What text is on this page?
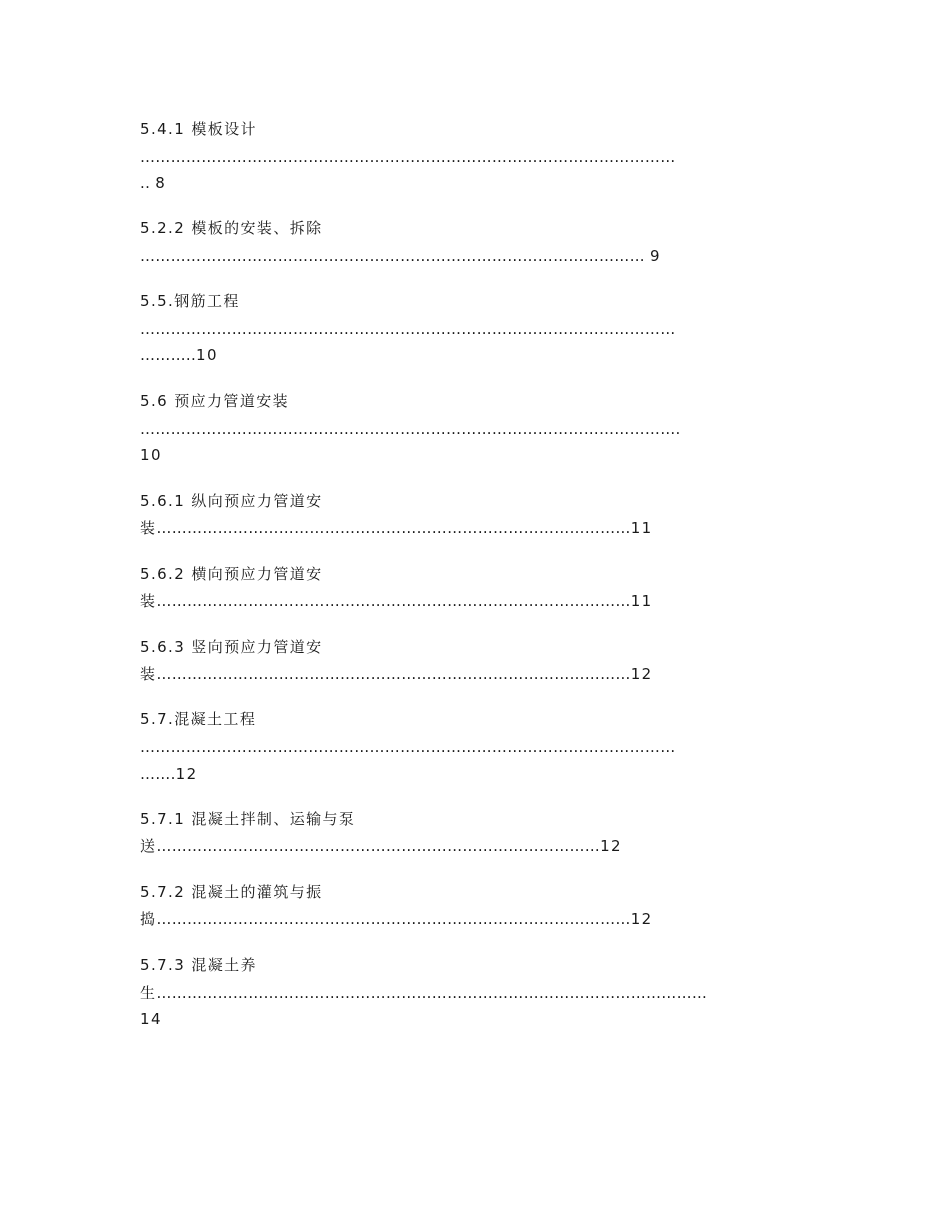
5.4.1 模板设计
……………………………………………………………………………………………
.. 8
5.2.2 模板的安装、拆除
……………………………………………………………………………………… 9
5.5.钢筋工程
……………………………………………………………………………………………
………..10
5.6 预应力管道安装
…………………………………………………………………………………………….
10
5.6.1 纵向预应力管道安
装…………………………………………………………………………………11
5.6.2 横向预应力管道安
装…………………………………………………………………………………11
5.6.3 竖向预应力管道安
装…………………………………………………………………………………12
5.7.混凝土工程
……………………………………………………………………………………………
…….12
5.7.1 混凝土拌制、运输与泵
送……………………………………………………………………………12
5.7.2 混凝土的灌筑与振
捣…………………………………………………………………………………12
5.7.3 混凝土养
生………………………………………………………………………………………………
14
